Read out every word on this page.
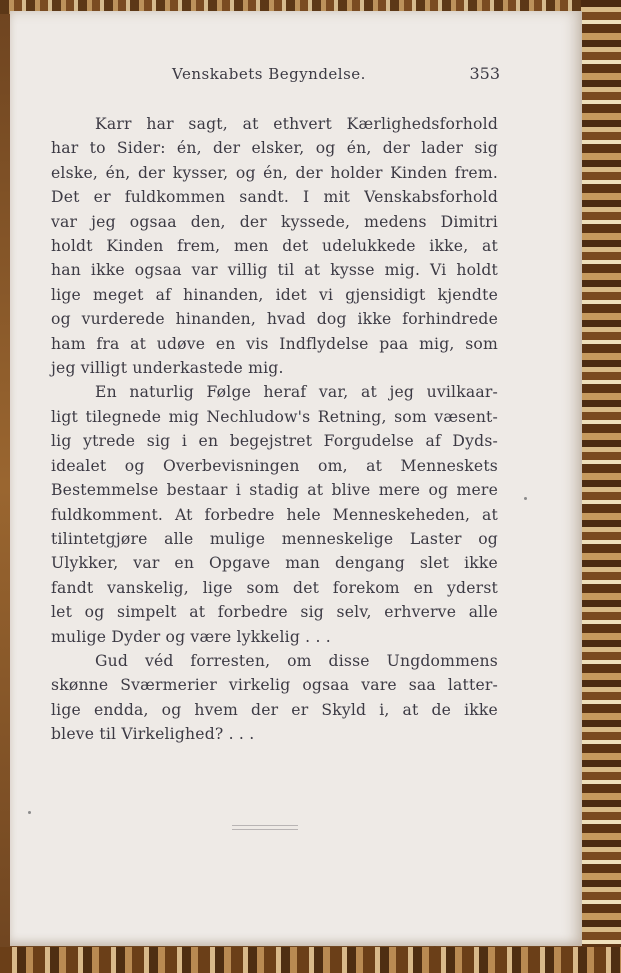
Venskabets Begyndelse.	353
Karr har sagt, at ethvert Kærlighedsforhold
har to Sider: én, der elsker, og én, der lader sig
elske, én, der kysser, og én, der holder Kinden frem.
Det er fuldkommen sandt. I mit Venskabsforhold
var jeg ogsaa den, der kyssede, medens Dimitri
holdt Kinden frem, men det udelukkede ikke, at
han ikke ogsaa var villig til at kysse mig. Vi holdt
lige meget af hinanden, idet vi gjensidigt kjendte
og vurderede hinanden, hvad dog ikke forhindrede
ham fra at udøve en vis Indflydelse paa mig, som
jeg villigt underkastede mig.
En naturlig Følge heraf var, at jeg uvilkaar-
ligt tilegnede mig Nechludow's Retning, som væsent-
lig ytrede sig i en begejstret Forgudelse af Dyds-
idealet og Overbevisningen om, at Menneskets
Bestemmelse bestaar i stadig at blive mere og mere
fuldkomment. At forbedre hele Menneskeheden, at
tilintetgjøre alle mulige menneskelige Laster og
Ulykker, var en Opgave man dengang slet ikke
fandt vanskelig, lige som det forekom en yderst
let og simpelt at forbedre sig selv, erhverve alle
mulige Dyder og være lykkelig . . .
Gud véd forresten, om disse Ungdommens
skønne Sværmerier virkelig ogsaa vare saa latter-
lige endda, og hvem der er Skyld i, at de ikke
bleve til Virkelighed? . . .
